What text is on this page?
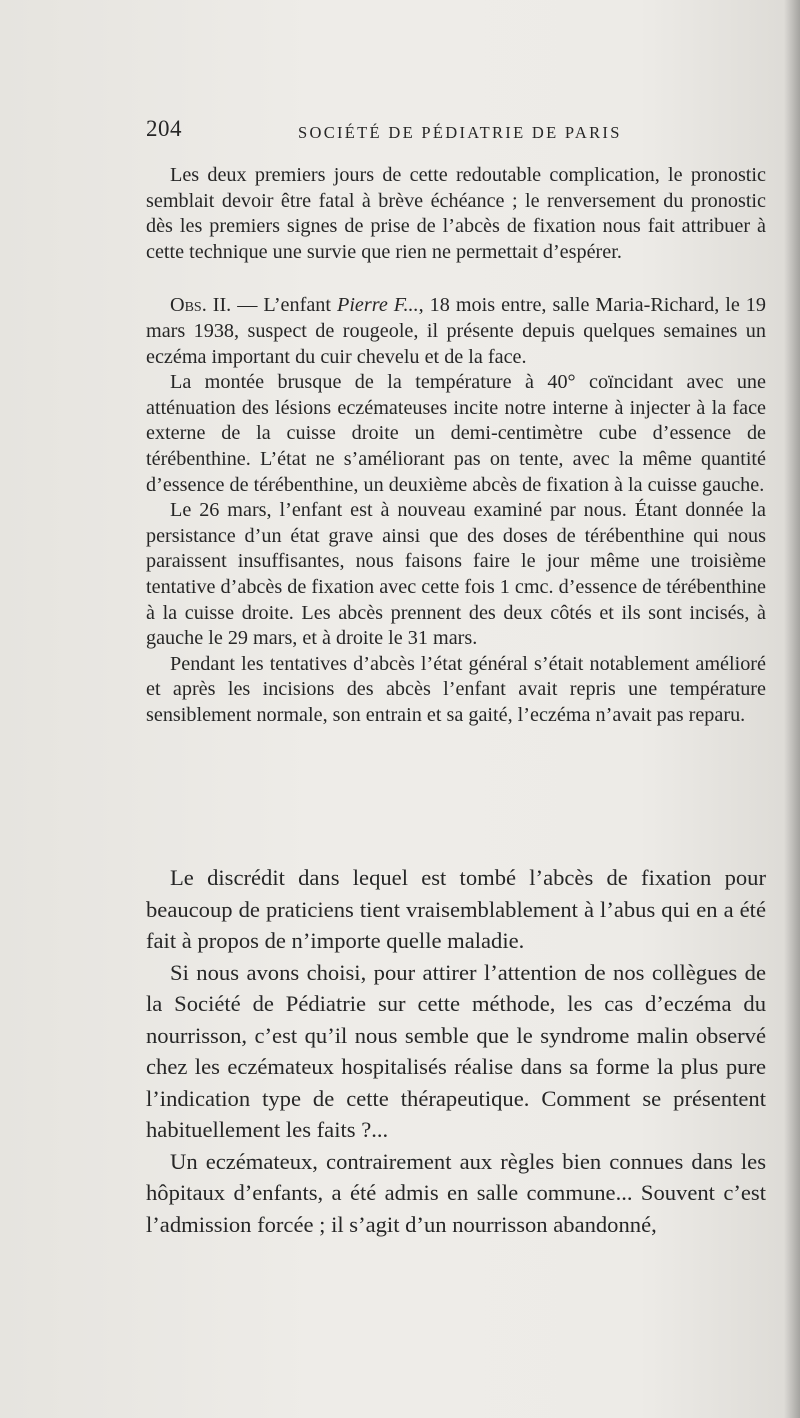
204	SOCIÉTÉ DE PÉDIATRIE DE PARIS

Les deux premiers jours de cette redoutable complication, le pronostic semblait devoir être fatal à brève échéance ; le renversement du pronostic dès les premiers signes de prise de l’abcès de fixation nous fait attribuer à cette technique une survie que rien ne permettait d’espérer.

Obs. II. — L’enfant Pierre F..., 18 mois entre, salle Maria-Richard, le 19 mars 1938, suspect de rougeole, il présente depuis quelques semaines un eczéma important du cuir chevelu et de la face.

La montée brusque de la température à 40° coïncidant avec une atténuation des lésions eczémateuses incite notre interne à injecter à la face externe de la cuisse droite un demi-centimètre cube d’essence de térébenthine. L’état ne s’améliorant pas on tente, avec la même quantité d’essence de térébenthine, un deuxième abcès de fixation à la cuisse gauche.

Le 26 mars, l’enfant est à nouveau examiné par nous. Étant donnée la persistance d’un état grave ainsi que des doses de térébenthine qui nous paraissent insuffisantes, nous faisons faire le jour même une troisième tentative d’abcès de fixation avec cette fois 1 cmc. d’essence de térébenthine à la cuisse droite. Les abcès prennent des deux côtés et ils sont incisés, à gauche le 29 mars, et à droite le 31 mars.

Pendant les tentatives d’abcès l’état général s’était notablement amélioré et après les incisions des abcès l’enfant avait repris une température sensiblement normale, son entrain et sa gaité, l’eczéma n’avait pas reparu.

Le discrédit dans lequel est tombé l’abcès de fixation pour beaucoup de praticiens tient vraisemblablement à l’abus qui en a été fait à propos de n’importe quelle maladie.

Si nous avons choisi, pour attirer l’attention de nos collègues de la Société de Pédiatrie sur cette méthode, les cas d’eczéma du nourrisson, c’est qu’il nous semble que le syndrome malin observé chez les eczémateux hospitalisés réalise dans sa forme la plus pure l’indication type de cette thérapeutique. Comment se présentent habituellement les faits ?...

Un eczémateux, contrairement aux règles bien connues dans les hôpitaux d’enfants, a été admis en salle commune... Souvent c’est l’admission forcée ; il s’agit d’un nourrisson abandonné,
